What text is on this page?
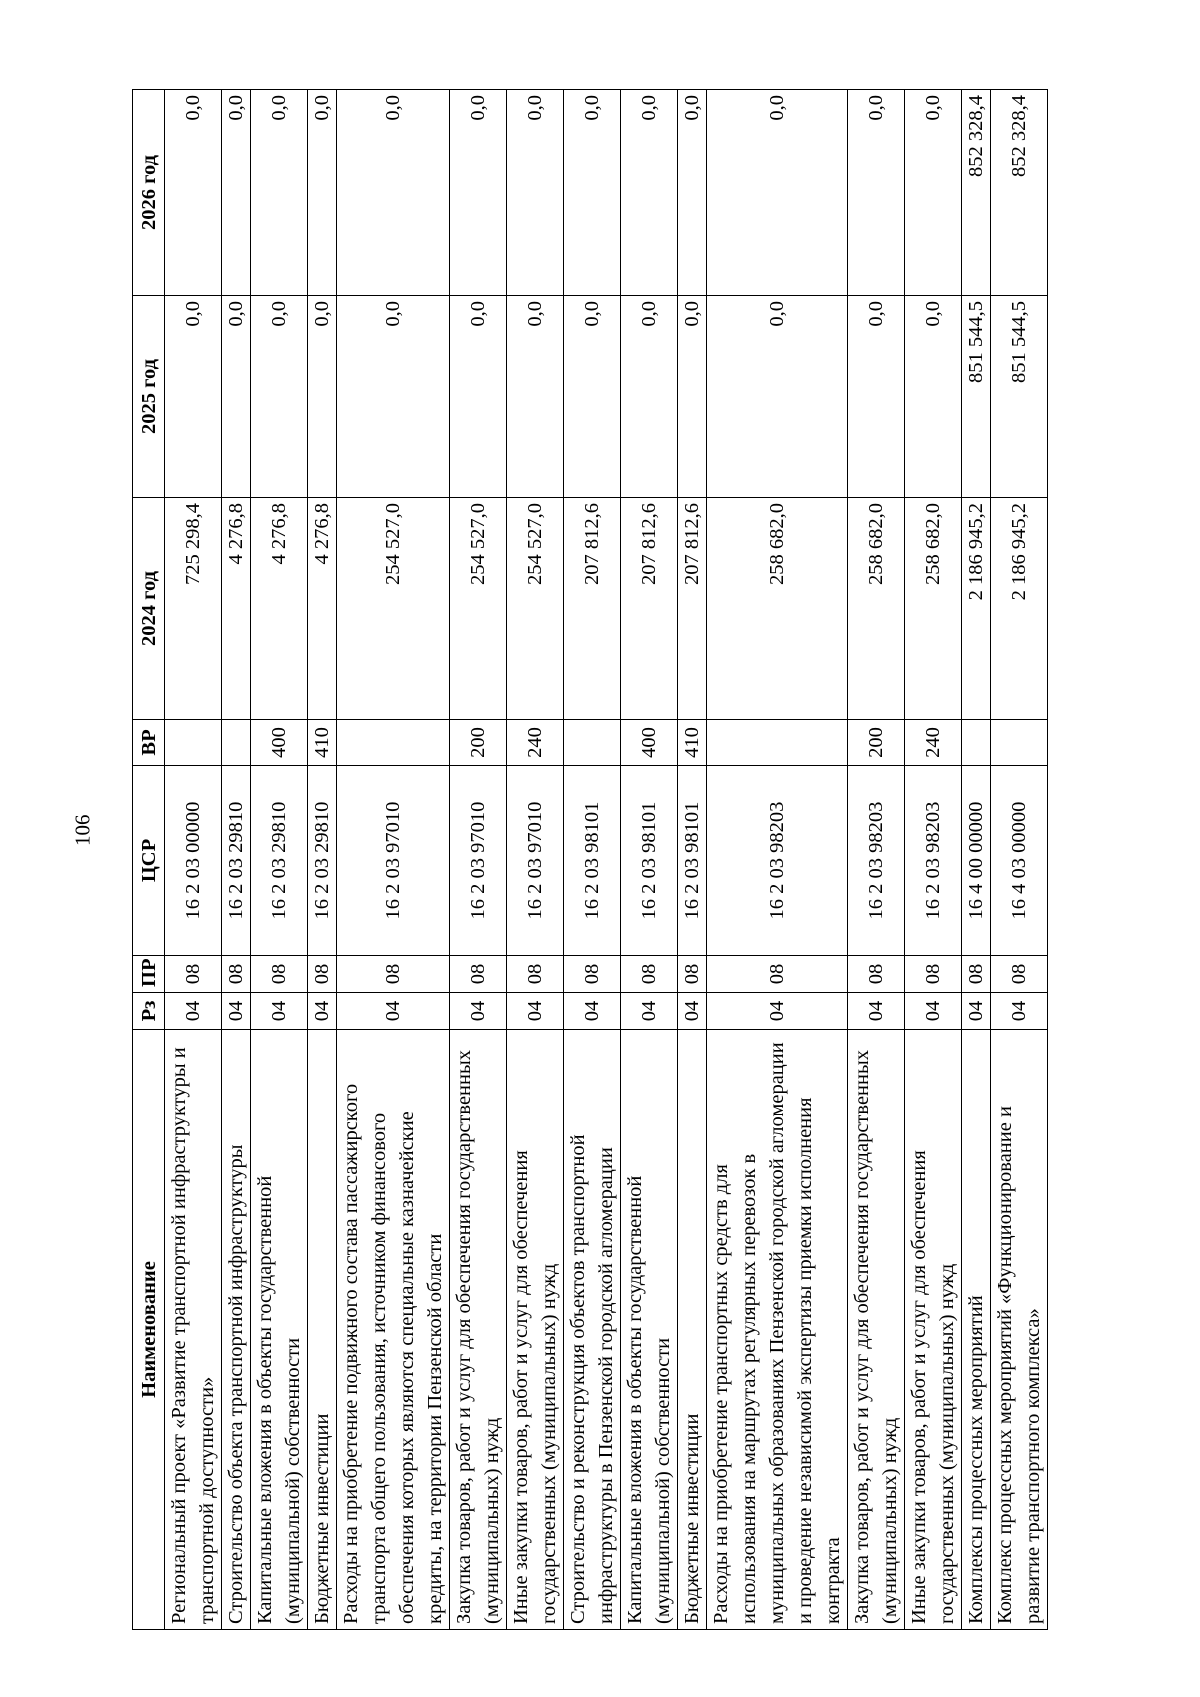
106
Наименование	Рз	ПР	ЦСР	ВР	2024 год	2025 год	2026 год
Региональный проект «Развитие транспортной инфраструктуры и транспортной доступности»	04	08	16 2 03 00000		725 298,4	0,0	0,0
Строительство объекта транспортной инфраструктуры	04	08	16 2 03 29810		4 276,8	0,0	0,0
Капитальные вложения в объекты государственной (муниципальной) собственности	04	08	16 2 03 29810	400	4 276,8	0,0	0,0
Бюджетные инвестиции	04	08	16 2 03 29810	410	4 276,8	0,0	0,0
Расходы на приобретение подвижного состава пассажирского транспорта общего пользования, источником финансового обеспечения которых являются специальные казначейские кредиты, на территории Пензенской области	04	08	16 2 03 97010		254 527,0	0,0	0,0
Закупка товаров, работ и услуг для обеспечения государственных (муниципальных) нужд	04	08	16 2 03 97010	200	254 527,0	0,0	0,0
Иные закупки товаров, работ и услуг для обеспечения государственных (муниципальных) нужд	04	08	16 2 03 97010	240	254 527,0	0,0	0,0
Строительство и реконструкция объектов транспортной инфраструктуры в Пензенской городской агломерации	04	08	16 2 03 98101		207 812,6	0,0	0,0
Капитальные вложения в объекты государственной (муниципальной) собственности	04	08	16 2 03 98101	400	207 812,6	0,0	0,0
Бюджетные инвестиции	04	08	16 2 03 98101	410	207 812,6	0,0	0,0
Расходы на приобретение транспортных средств для использования на маршрутах регулярных перевозок в муниципальных образованиях Пензенской городской агломерации и проведение независимой экспертизы приемки исполнения контракта	04	08	16 2 03 98203		258 682,0	0,0	0,0
Закупка товаров, работ и услуг для обеспечения государственных (муниципальных) нужд	04	08	16 2 03 98203	200	258 682,0	0,0	0,0
Иные закупки товаров, работ и услуг для обеспечения государственных (муниципальных) нужд	04	08	16 2 03 98203	240	258 682,0	0,0	0,0
Комплексы процессных мероприятий	04	08	16 4 00 00000		2 186 945,2	851 544,5	852 328,4
Комплекс процессных мероприятий «Функционирование и развитие транспортного комплекса»	04	08	16 4 03 00000		2 186 945,2	851 544,5	852 328,4
